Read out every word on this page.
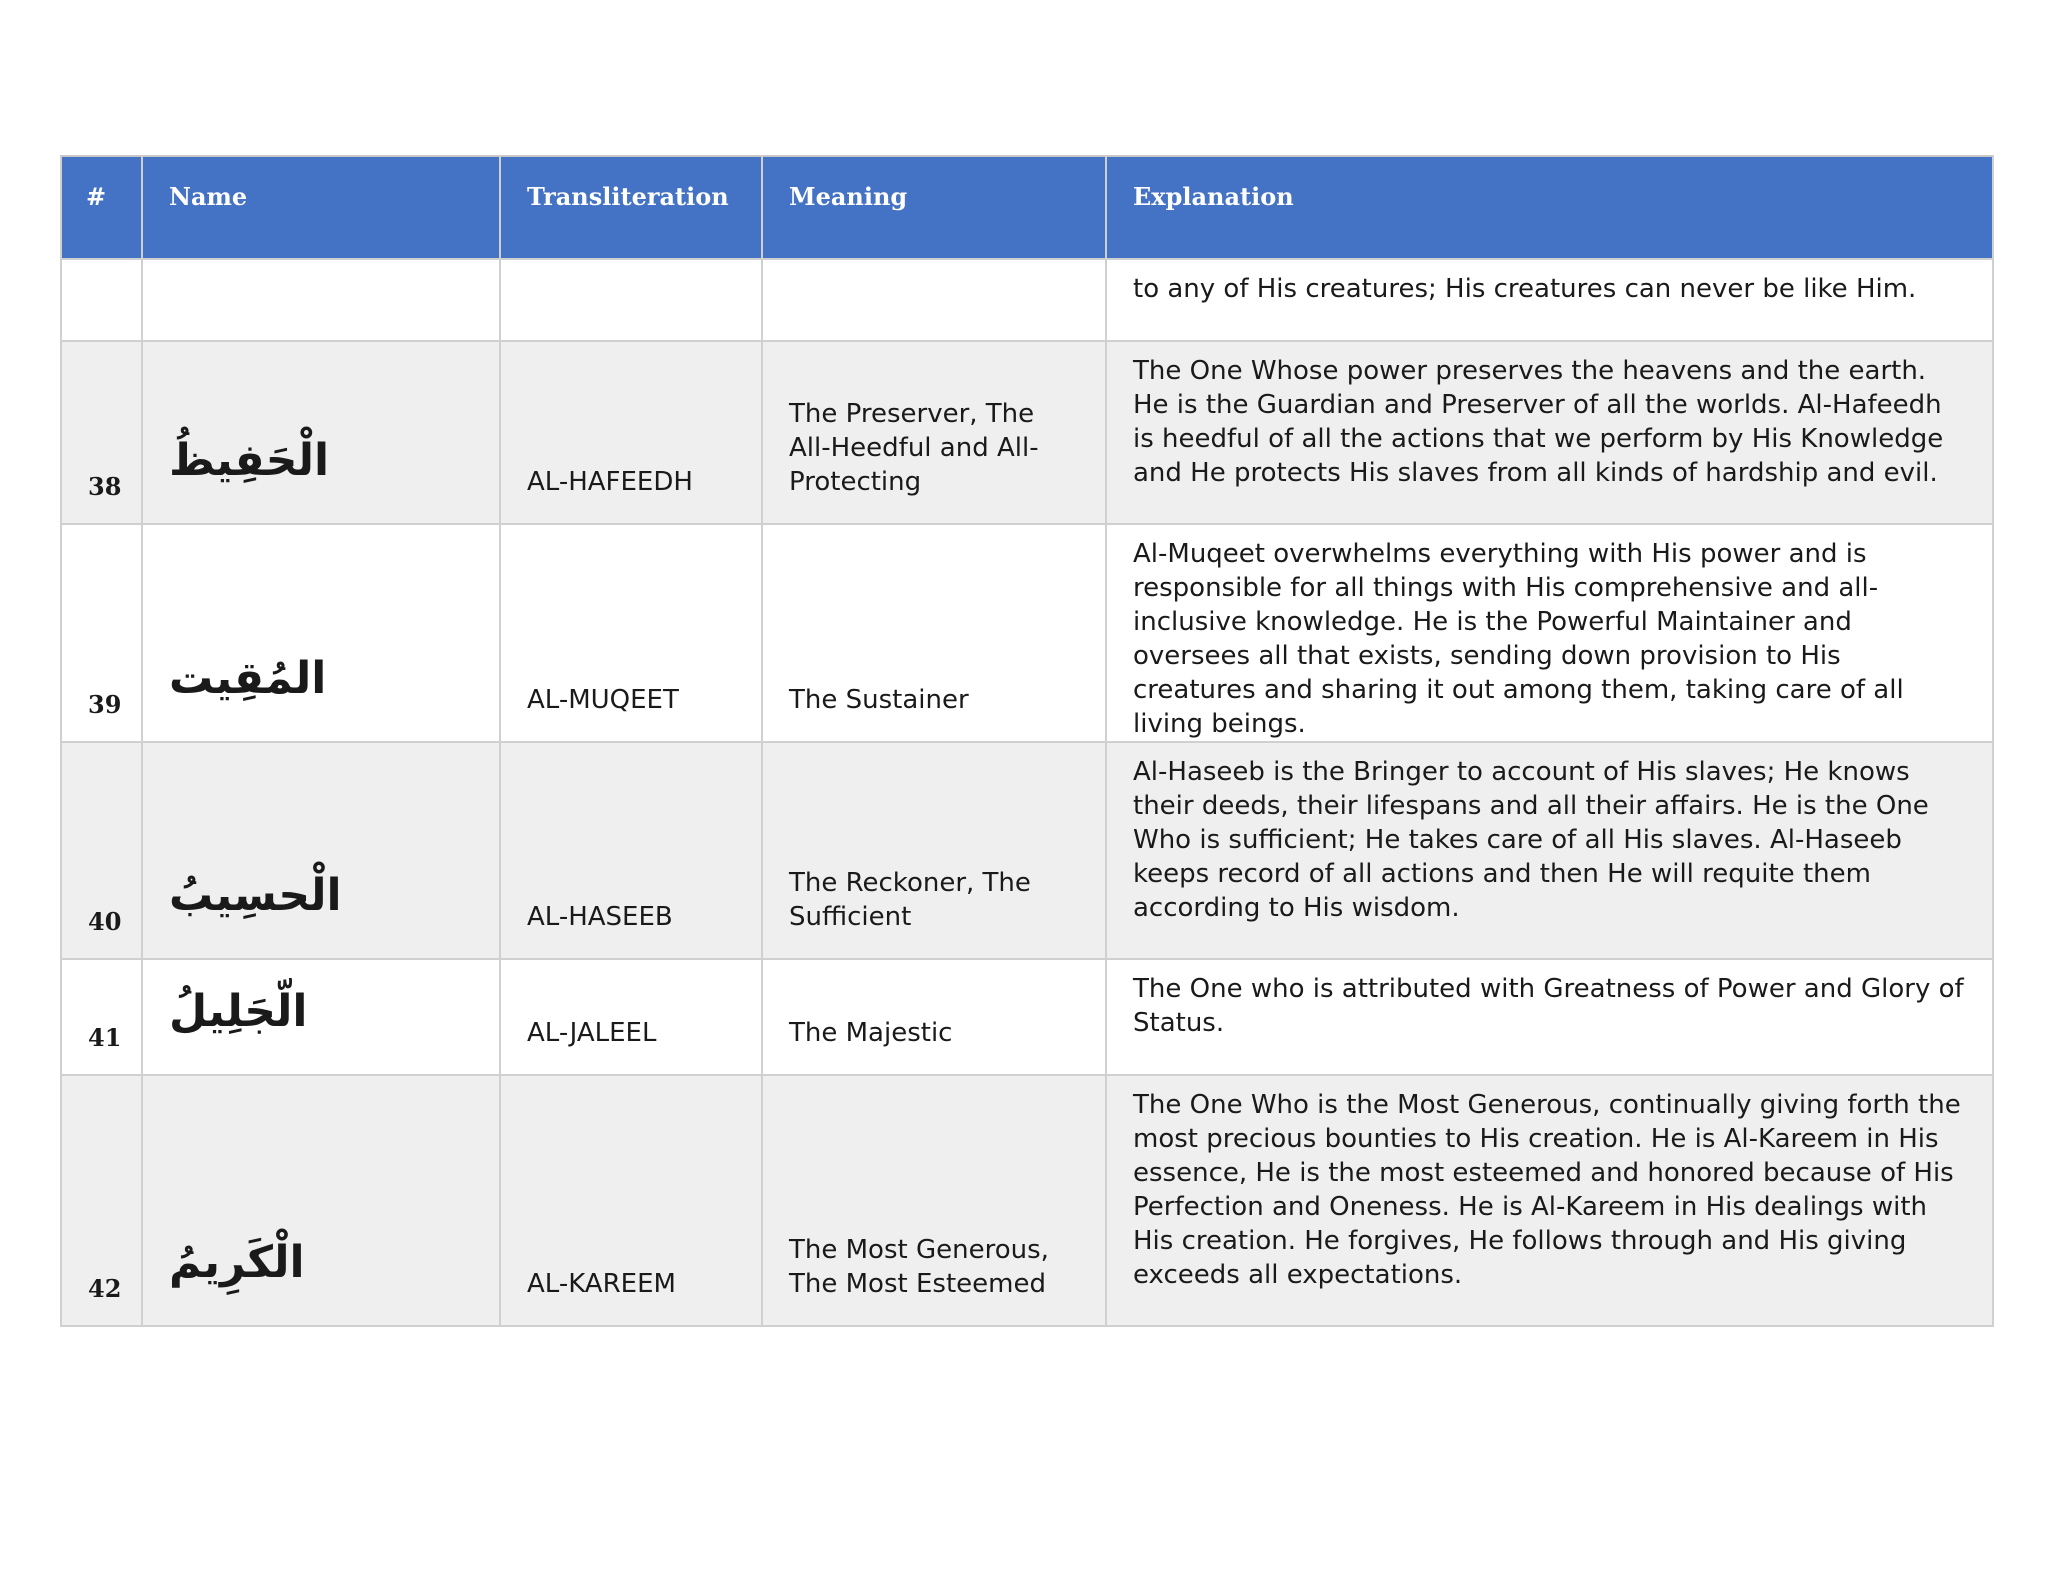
#	Name	Transliteration	Meaning	Explanation
				to any of His creatures; His creatures can never be like Him.
38	الْحَفِيظُ	AL-HAFEEDH	The Preserver, The All-Heedful and All-Protecting	The One Whose power preserves the heavens and the earth. He is the Guardian and Preserver of all the worlds. Al-Hafeedh is heedful of all the actions that we perform by His Knowledge and He protects His slaves from all kinds of hardship and evil.
39	المُقِيت	AL-MUQEET	The Sustainer	Al-Muqeet overwhelms everything with His power and is responsible for all things with His comprehensive and all-inclusive knowledge. He is the Powerful Maintainer and oversees all that exists, sending down provision to His creatures and sharing it out among them, taking care of all living beings.
40	الْحسِيبُ	AL-HASEEB	The Reckoner, The Sufficient	Al-Haseeb is the Bringer to account of His slaves; He knows their deeds, their lifespans and all their affairs. He is the One Who is sufficient; He takes care of all His slaves. Al-Haseeb keeps record of all actions and then He will requite them according to His wisdom.
41	الّجَلِيلُ	AL-JALEEL	The Majestic	The One who is attributed with Greatness of Power and Glory of Status.
42	الْكَرِيمُ	AL-KAREEM	The Most Generous, The Most Esteemed	The One Who is the Most Generous, continually giving forth the most precious bounties to His creation. He is Al-Kareem in His essence, He is the most esteemed and honored because of His Perfection and Oneness. He is Al-Kareem in His dealings with His creation. He forgives, He follows through and His giving exceeds all expectations.
